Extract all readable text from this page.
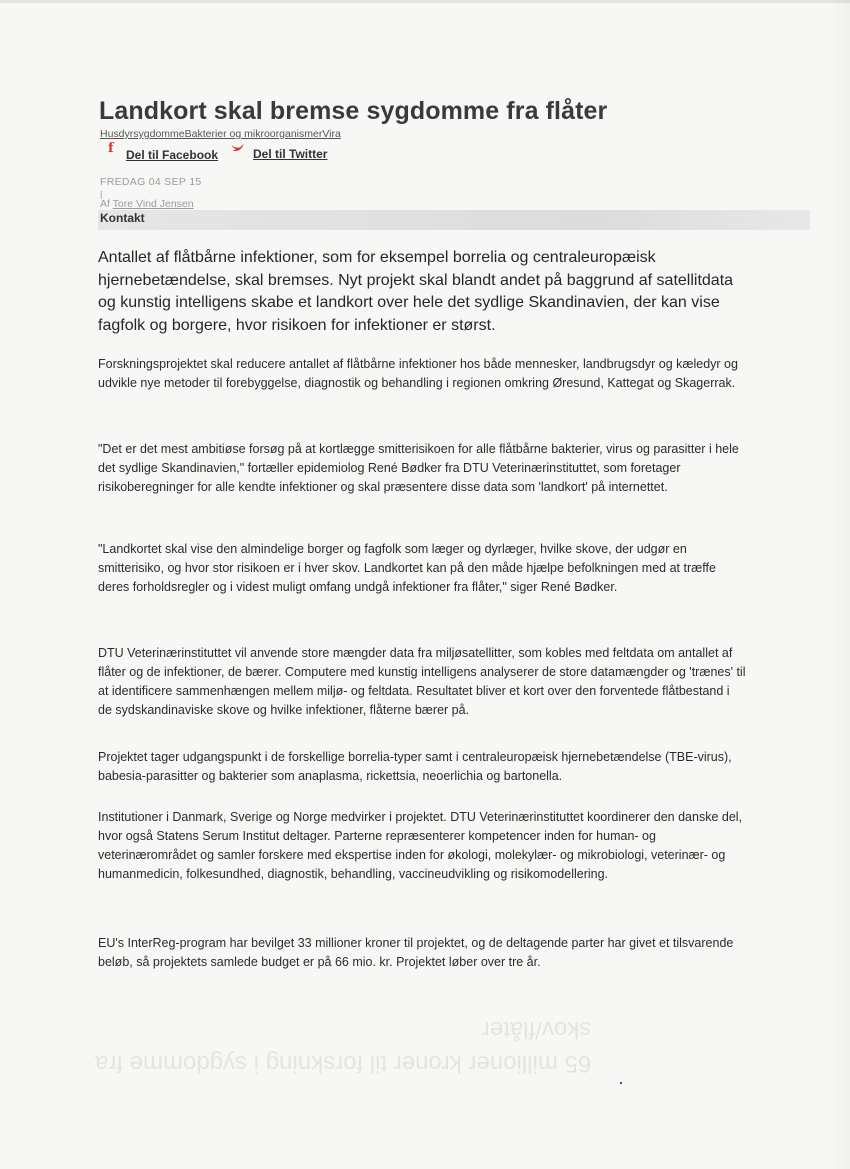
Landkort skal bremse sygdomme fra flåter
HusdyrsygdommeBakterier og mikroorganismerVira
f	Del til Facebook	Del til Twitter
FREDAG 04 SEP 15
|
Af Tore Vind Jensen
Kontakt

Antallet af flåtbårne infektioner, som for eksempel borrelia og centraleuropæisk hjernebetændelse, skal bremses. Nyt projekt skal blandt andet på baggrund af satellitdata og kunstig intelligens skabe et landkort over hele det sydlige Skandinavien, der kan vise fagfolk og borgere, hvor risikoen for infektioner er størst.

Forskningsprojektet skal reducere antallet af flåtbårne infektioner hos både mennesker, landbrugsdyr og kæledyr og udvikle nye metoder til forebyggelse, diagnostik og behandling i regionen omkring Øresund, Kattegat og Skagerrak.

"Det er det mest ambitiøse forsøg på at kortlægge smitterisikoen for alle flåtbårne bakterier, virus og parasitter i hele det sydlige Skandinavien," fortæller epidemiolog René Bødker fra DTU Veterinærinstituttet, som foretager risikoberegninger for alle kendte infektioner og skal præsentere disse data som 'landkort' på internettet.

"Landkortet skal vise den almindelige borger og fagfolk som læger og dyrlæger, hvilke skove, der udgør en smitterisiko, og hvor stor risikoen er i hver skov. Landkortet kan på den måde hjælpe befolkningen med at træffe deres forholdsregler og i videst muligt omfang undgå infektioner fra flåter," siger René Bødker.

DTU Veterinærinstituttet vil anvende store mængder data fra miljøsatellitter, som kobles med feltdata om antallet af flåter og de infektioner, de bærer. Computere med kunstig intelligens analyserer de store datamængder og 'trænes' til at identificere sammenhængen mellem miljø- og feltdata. Resultatet bliver et kort over den forventede flåtbestand i de sydskandinaviske skove og hvilke infektioner, flåterne bærer på.

Projektet tager udgangspunkt i de forskellige borrelia-typer samt i centraleuropæisk hjernebetændelse (TBE-virus), babesia-parasitter og bakterier som anaplasma, rickettsia, neoerlichia og bartonella.

Institutioner i Danmark, Sverige og Norge medvirker i projektet. DTU Veterinærinstituttet koordinerer den danske del, hvor også Statens Serum Institut deltager. Parterne repræsenterer kompetencer inden for human- og veterinærområdet og samler forskere med ekspertise inden for økologi, molekylær- og mikrobiologi, veterinær- og humanmedicin, folkesundhed, diagnostik, behandling, vaccineudvikling og risikomodellering.

EU's InterReg-program har bevilget 33 millioner kroner til projektet, og de deltagende parter har givet et tilsvarende beløb, så projektets samlede budget er på 66 mio. kr. Projektet løber over tre år.

65 millioner kroner til forskning i sygdomme fra
skov/flåter
